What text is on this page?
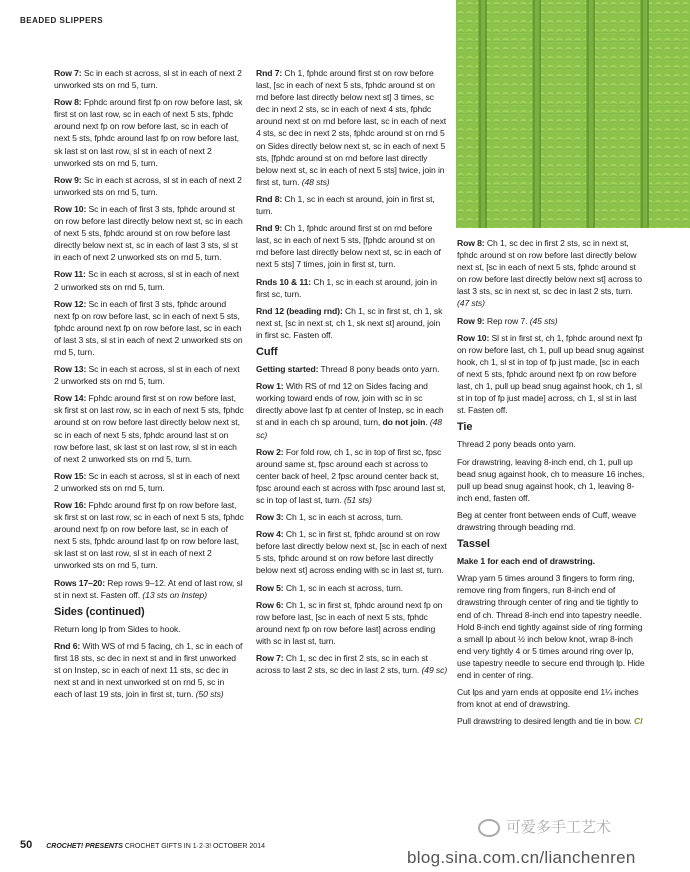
BEADED SLIPPERS

Row 7: Sc in each st across, sl st in each of next 2 unworked sts on rnd 5, turn.

Row 8: Fphdc around first fp on row before last, sk first st on last row, sc in each of next 5 sts, fphdc around next fp on row before last, sc in each of next 5 sts, fphdc around last fp on row before last, sk last st on last row, sl st in each of next 2 unworked sts on rnd 5, turn.

Row 9: Sc in each st across, sl st in each of next 2 unworked sts on rnd 5, turn.

Row 10: Sc in each of first 3 sts, fphdc around st on row before last directly below next st, sc in each of next 5 sts, fphdc around st on row before last directly below next st, sc in each of last 3 sts, sl st in each of next 2 unworked sts on rnd 5, turn.

Row 11: Sc in each st across, sl st in each of next 2 unworked sts on rnd 5, turn.

Row 12: Sc in each of first 3 sts, fphdc around next fp on row before last, sc in each of next 5 sts, fphdc around next fp on row before last, sc in each of last 3 sts, sl st in each of next 2 unworked sts on rnd 5, turn.

Row 13: Sc in each st across, sl st in each of next 2 unworked sts on rnd 5, turn.

Row 14: Fphdc around first st on row before last, sk first st on last row, sc in each of next 5 sts, fphdc around st on row before last directly below next st, sc in each of next 5 sts, fphdc around last st on row before last, sk last st on last row, sl st in each of next 2 unworked sts on rnd 5, turn.

Row 15: Sc in each st across, sl st in each of next 2 unworked sts on rnd 5, turn.

Row 16: Fphdc around first fp on row before last, sk first st on last row, sc in each of next 5 sts, fphdc around next fp on row before last, sc in each of next 5 sts, fphdc around last fp on row before last, sk last st on last row, sl st in each of next 2 unworked sts on rnd 5, turn.

Rows 17–20: Rep rows 9–12. At end of last row, sl st in next st. Fasten off. (13 sts on Instep)

Sides (continued)

Return long lp from Sides to hook.

Rnd 6: With WS of rnd 5 facing, ch 1, sc in each of first 18 sts, sc dec in next st and in first unworked st on Instep, sc in each of next 11 sts, sc dec in next st and in next unworked st on rnd 5, sc in each of last 19 sts, join in first st, turn. (50 sts)

Rnd 7: Ch 1, fphdc around first st on row before last, [sc in each of next 5 sts, fphdc around st on rnd before last directly below next st] 3 times, sc dec in next 2 sts, sc in each of next 4 sts, fphdc around next st on rnd before last, sc in each of next 4 sts, sc dec in next 2 sts, fphdc around st on rnd 5 on Sides directly below next st, sc in each of next 5 sts, [fphdc around st on rnd before last directly below next st, sc in each of next 5 sts] twice, join in first st, turn. (48 sts)

Rnd 8: Ch 1, sc in each st around, join in first st, turn.

Rnd 9: Ch 1, fphdc around first st on rnd before last, sc in each of next 5 sts, [fphdc around st on rnd before last directly below next st, sc in each of next 5 sts] 7 times, join in first st, turn.

Rnds 10 & 11: Ch 1, sc in each st around, join in first sc, turn.

Rnd 12 (beading rnd): Ch 1, sc in first st, ch 1, sk next st, [sc in next st, ch 1, sk next st] around, join in first sc. Fasten off.

Cuff

Getting started: Thread 8 pony beads onto yarn.

Row 1: With RS of rnd 12 on Sides facing and working toward ends of row, join with sc in sc directly above last fp at center of Instep, sc in each st and in each ch sp around, turn, do not join. (48 sc)

Row 2: For fold row, ch 1, sc in top of first sc, fpsc around same st, fpsc around each st across to center back of heel, 2 fpsc around center back st, fpsc around each st across with fpsc around last st, sc in top of last st, turn. (51 sts)

Row 3: Ch 1, sc in each st across, turn.

Row 4: Ch 1, sc in first st, fphdc around st on row before last directly below next st, [sc in each of next 5 sts, fphdc around st on row before last directly below next st] across ending with sc in last st, turn.

Row 5: Ch 1, sc in each st across, turn.

Row 6: Ch 1, sc in first st, fphdc around next fp on row before last, [sc in each of next 5 sts, fphdc around next fp on row before last] across ending with sc in last st, turn.

Row 7: Ch 1, sc dec in first 2 sts, sc in each st across to last 2 sts, sc dec in last 2 sts, turn. (49 sc)

Row 8: Ch 1, sc dec in first 2 sts, sc in next st, fphdc around st on row before last directly below next st, [sc in each of next 5 sts, fphdc around st on row before last directly below next st] across to last 3 sts, sc in next st, sc dec in last 2 sts, turn. (47 sts)

Row 9: Rep row 7. (45 sts)

Row 10: Sl st in first st, ch 1, fphdc around next fp on row before last, ch 1, pull up bead snug against hook, ch 1, sl st in top of fp just made, [sc in each of next 5 sts, fphdc around next fp on row before last, ch 1, pull up bead snug against hook, ch 1, sl st in top of fp just made] across, ch 1, sl st in last st. Fasten off.

Tie

Thread 2 pony beads onto yarn.

For drawstring, leaving 8-inch end, ch 1, pull up bead snug against hook, ch to measure 16 inches, pull up bead snug against hook, ch 1, leaving 8-inch end, fasten off.

Beg at center front between ends of Cuff, weave drawstring through beading rnd.

Tassel

Make 1 for each end of drawstring.

Wrap yarn 5 times around 3 fingers to form ring, remove ring from fingers, run 8-inch end of drawstring through center of ring and tie tightly to end of ch. Thread 8-inch end into tapestry needle. Hold 8-inch end tightly against side of ring forming a small lp about ½ inch below knot, wrap 8-inch end very tightly 4 or 5 times around ring over lp, use tapestry needle to secure end through lp. Hide end in center of ring.

Cut lps and yarn ends at opposite end 1¼ inches from knot at end of drawstring.

Pull drawstring to desired length and tie in bow. CI

50 CROCHET! PRESENTS CROCHET GIFTS IN 1·2·3! OCTOBER 2014
可爱多手工艺术
blog.sina.com.cn/lianchenren
